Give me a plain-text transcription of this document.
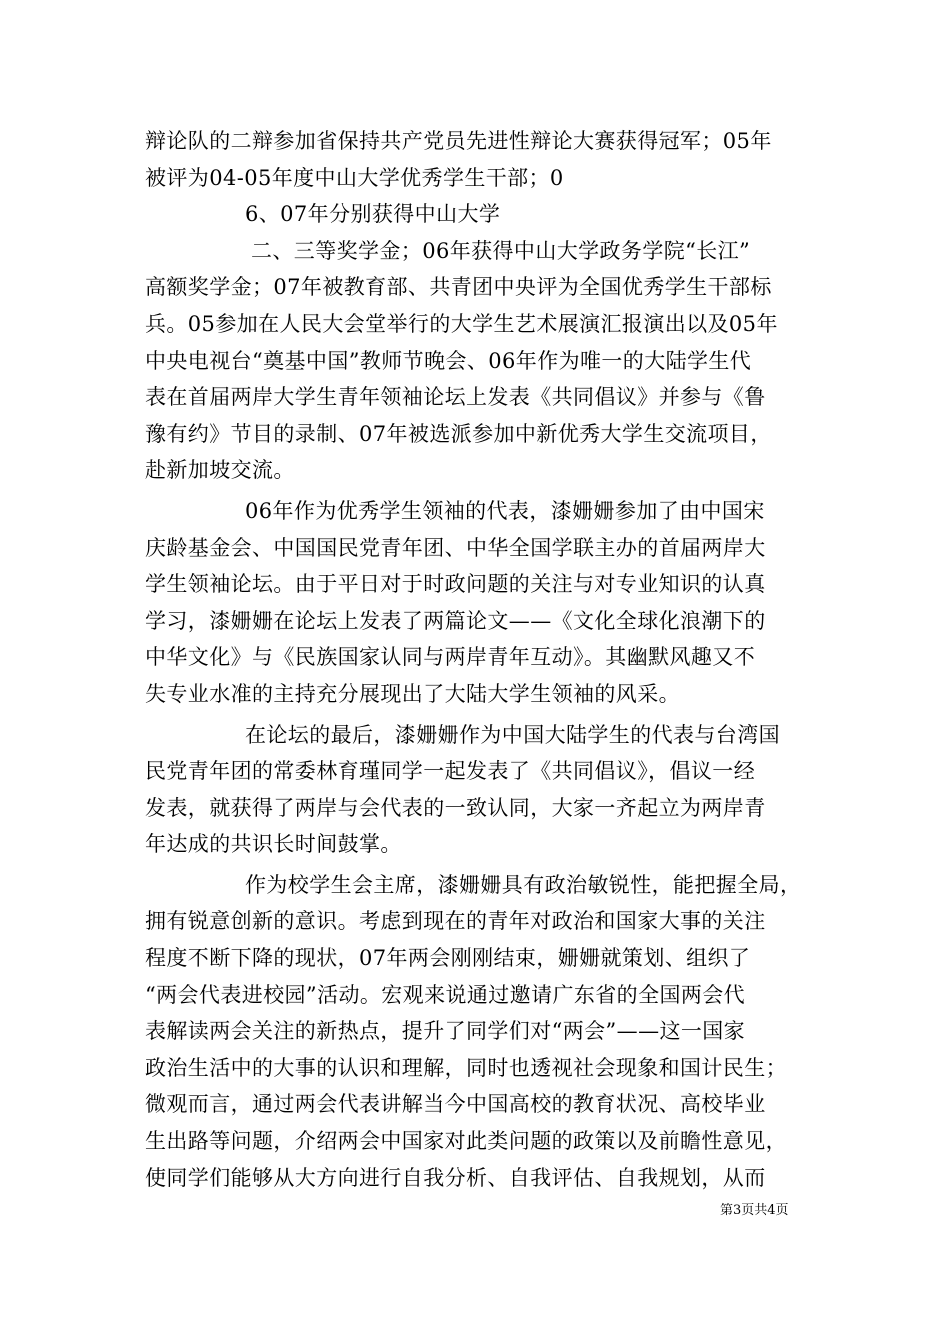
辩论队的二辩参加省保持共产党员先进性辩论大赛获得冠军；05年
被评为04-05年度中山大学优秀学生干部；0
6、07年分别获得中山大学
二、三等奖学金；06年获得中山大学政务学院“长江”
高额奖学金；07年被教育部、共青团中央评为全国优秀学生干部标
兵。05参加在人民大会堂举行的大学生艺术展演汇报演出以及05年
中央电视台“奠基中国”教师节晚会、06年作为唯一的大陆学生代
表在首届两岸大学生青年领袖论坛上发表《共同倡议》并参与《鲁
豫有约》节目的录制、07年被选派参加中新优秀大学生交流项目，
赴新加坡交流。
06年作为优秀学生领袖的代表，漆姗姗参加了由中国宋
庆龄基金会、中国国民党青年团、中华全国学联主办的首届两岸大
学生领袖论坛。由于平日对于时政问题的关注与对专业知识的认真
学习，漆姗姗在论坛上发表了两篇论文——《文化全球化浪潮下的
中华文化》与《民族国家认同与两岸青年互动》。其幽默风趣又不
失专业水准的主持充分展现出了大陆大学生领袖的风采。
在论坛的最后，漆姗姗作为中国大陆学生的代表与台湾国
民党青年团的常委林育瑾同学一起发表了《共同倡议》，倡议一经
发表，就获得了两岸与会代表的一致认同，大家一齐起立为两岸青
年达成的共识长时间鼓掌。
作为校学生会主席，漆姗姗具有政治敏锐性，能把握全局，
拥有锐意创新的意识。考虑到现在的青年对政治和国家大事的关注
程度不断下降的现状，07年两会刚刚结束，姗姗就策划、组织了
“两会代表进校园”活动。宏观来说通过邀请广东省的全国两会代
表解读两会关注的新热点，提升了同学们对“两会”——这一国家
政治生活中的大事的认识和理解，同时也透视社会现象和国计民生；
微观而言，通过两会代表讲解当今中国高校的教育状况、高校毕业
生出路等问题，介绍两会中国家对此类问题的政策以及前瞻性意见，
使同学们能够从大方向进行自我分析、自我评估、自我规划，从而
第3页共4页
